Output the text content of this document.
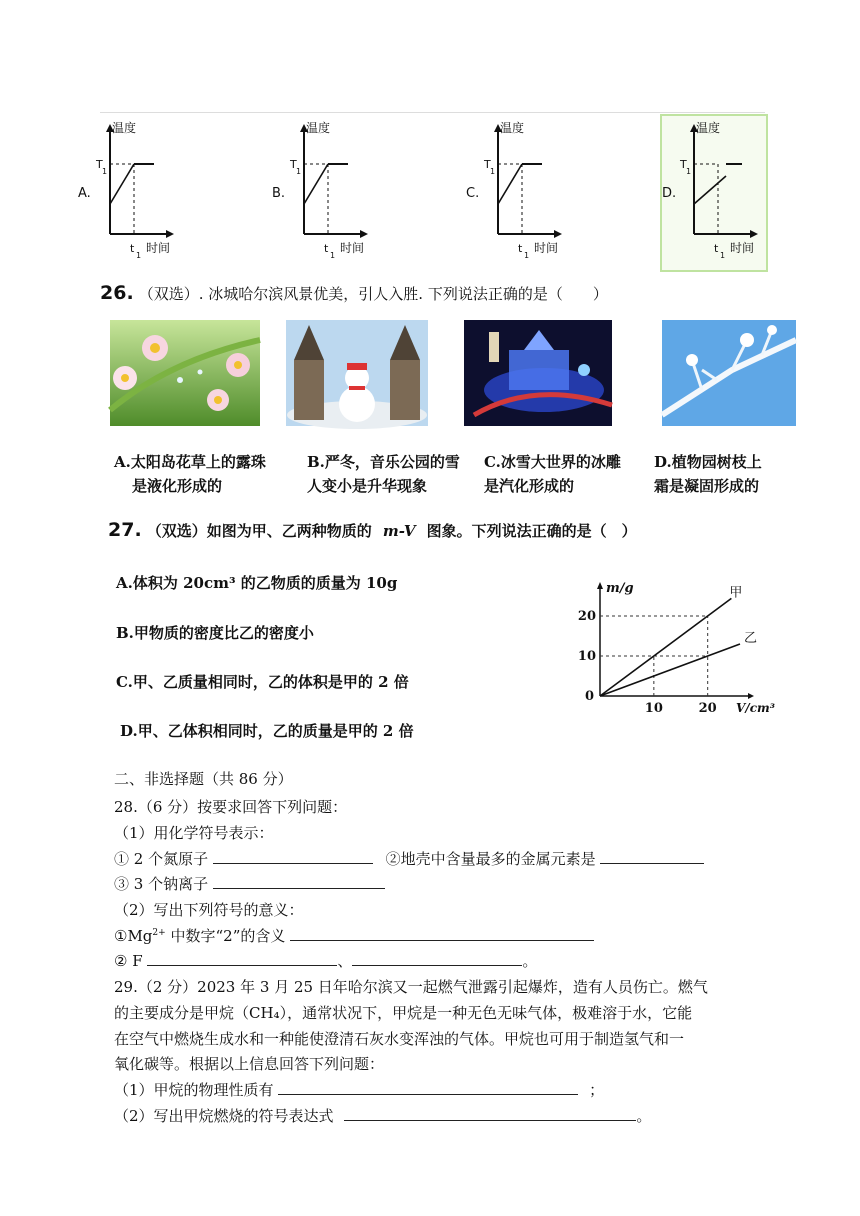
A.
温度
T
1
t
1
时间
B.
温度
T
1
t
1
时间
C.
温度
T
1
t
1
时间
D.
温度
T
1
t
1
时间
26. （双选）. 冰城哈尔滨风景优美，引人入胜. 下列说法正确的是（　　）
A.太阳岛花草上的露珠
是液化形成的
B.严冬，音乐公园的雪
人变小是升华现象
C.冰雪大世界的冰雕
是汽化形成的
D.植物园树枝上
霜是凝固形成的
27. （双选）如图为甲、乙两种物质的 m-V 图象。下列说法正确的是（　）
A.体积为 20cm³ 的乙物质的质量为 10g
B.甲物质的密度比乙的密度小
C.甲、乙质量相同时，乙的体积是甲的 2 倍
D.甲、乙体积相同时，乙的质量是甲的 2 倍
10
20
10	20
甲
乙
0
m/g
V/cm³
二、非选择题（共 86 分）
28.（6 分）按要求回答下列问题：
（1）用化学符号表示：
① 2 个氮原子	②地壳中含量最多的金属元素是
③ 3 个钠离子
（2）写出下列符号的意义：
$①Mg^{2+}$ 中数字“2”的含义
② F	、	。
29.（2 分）2023 年 3 月 25 日年哈尔滨又一起燃气泄露引起爆炸，造有人员伤亡。燃气
的主要成分是甲烷（CH₄），通常状况下，甲烷是一种无色无味气体，极难溶于水，它能
在空气中燃烧生成水和一种能使澄清石灰水变浑浊的气体。甲烷也可用于制造氢气和一
氧化碳等。根据以上信息回答下列问题：
（1）甲烷的物理性质有	；
（2）写出甲烷燃烧的符号表达式	。
